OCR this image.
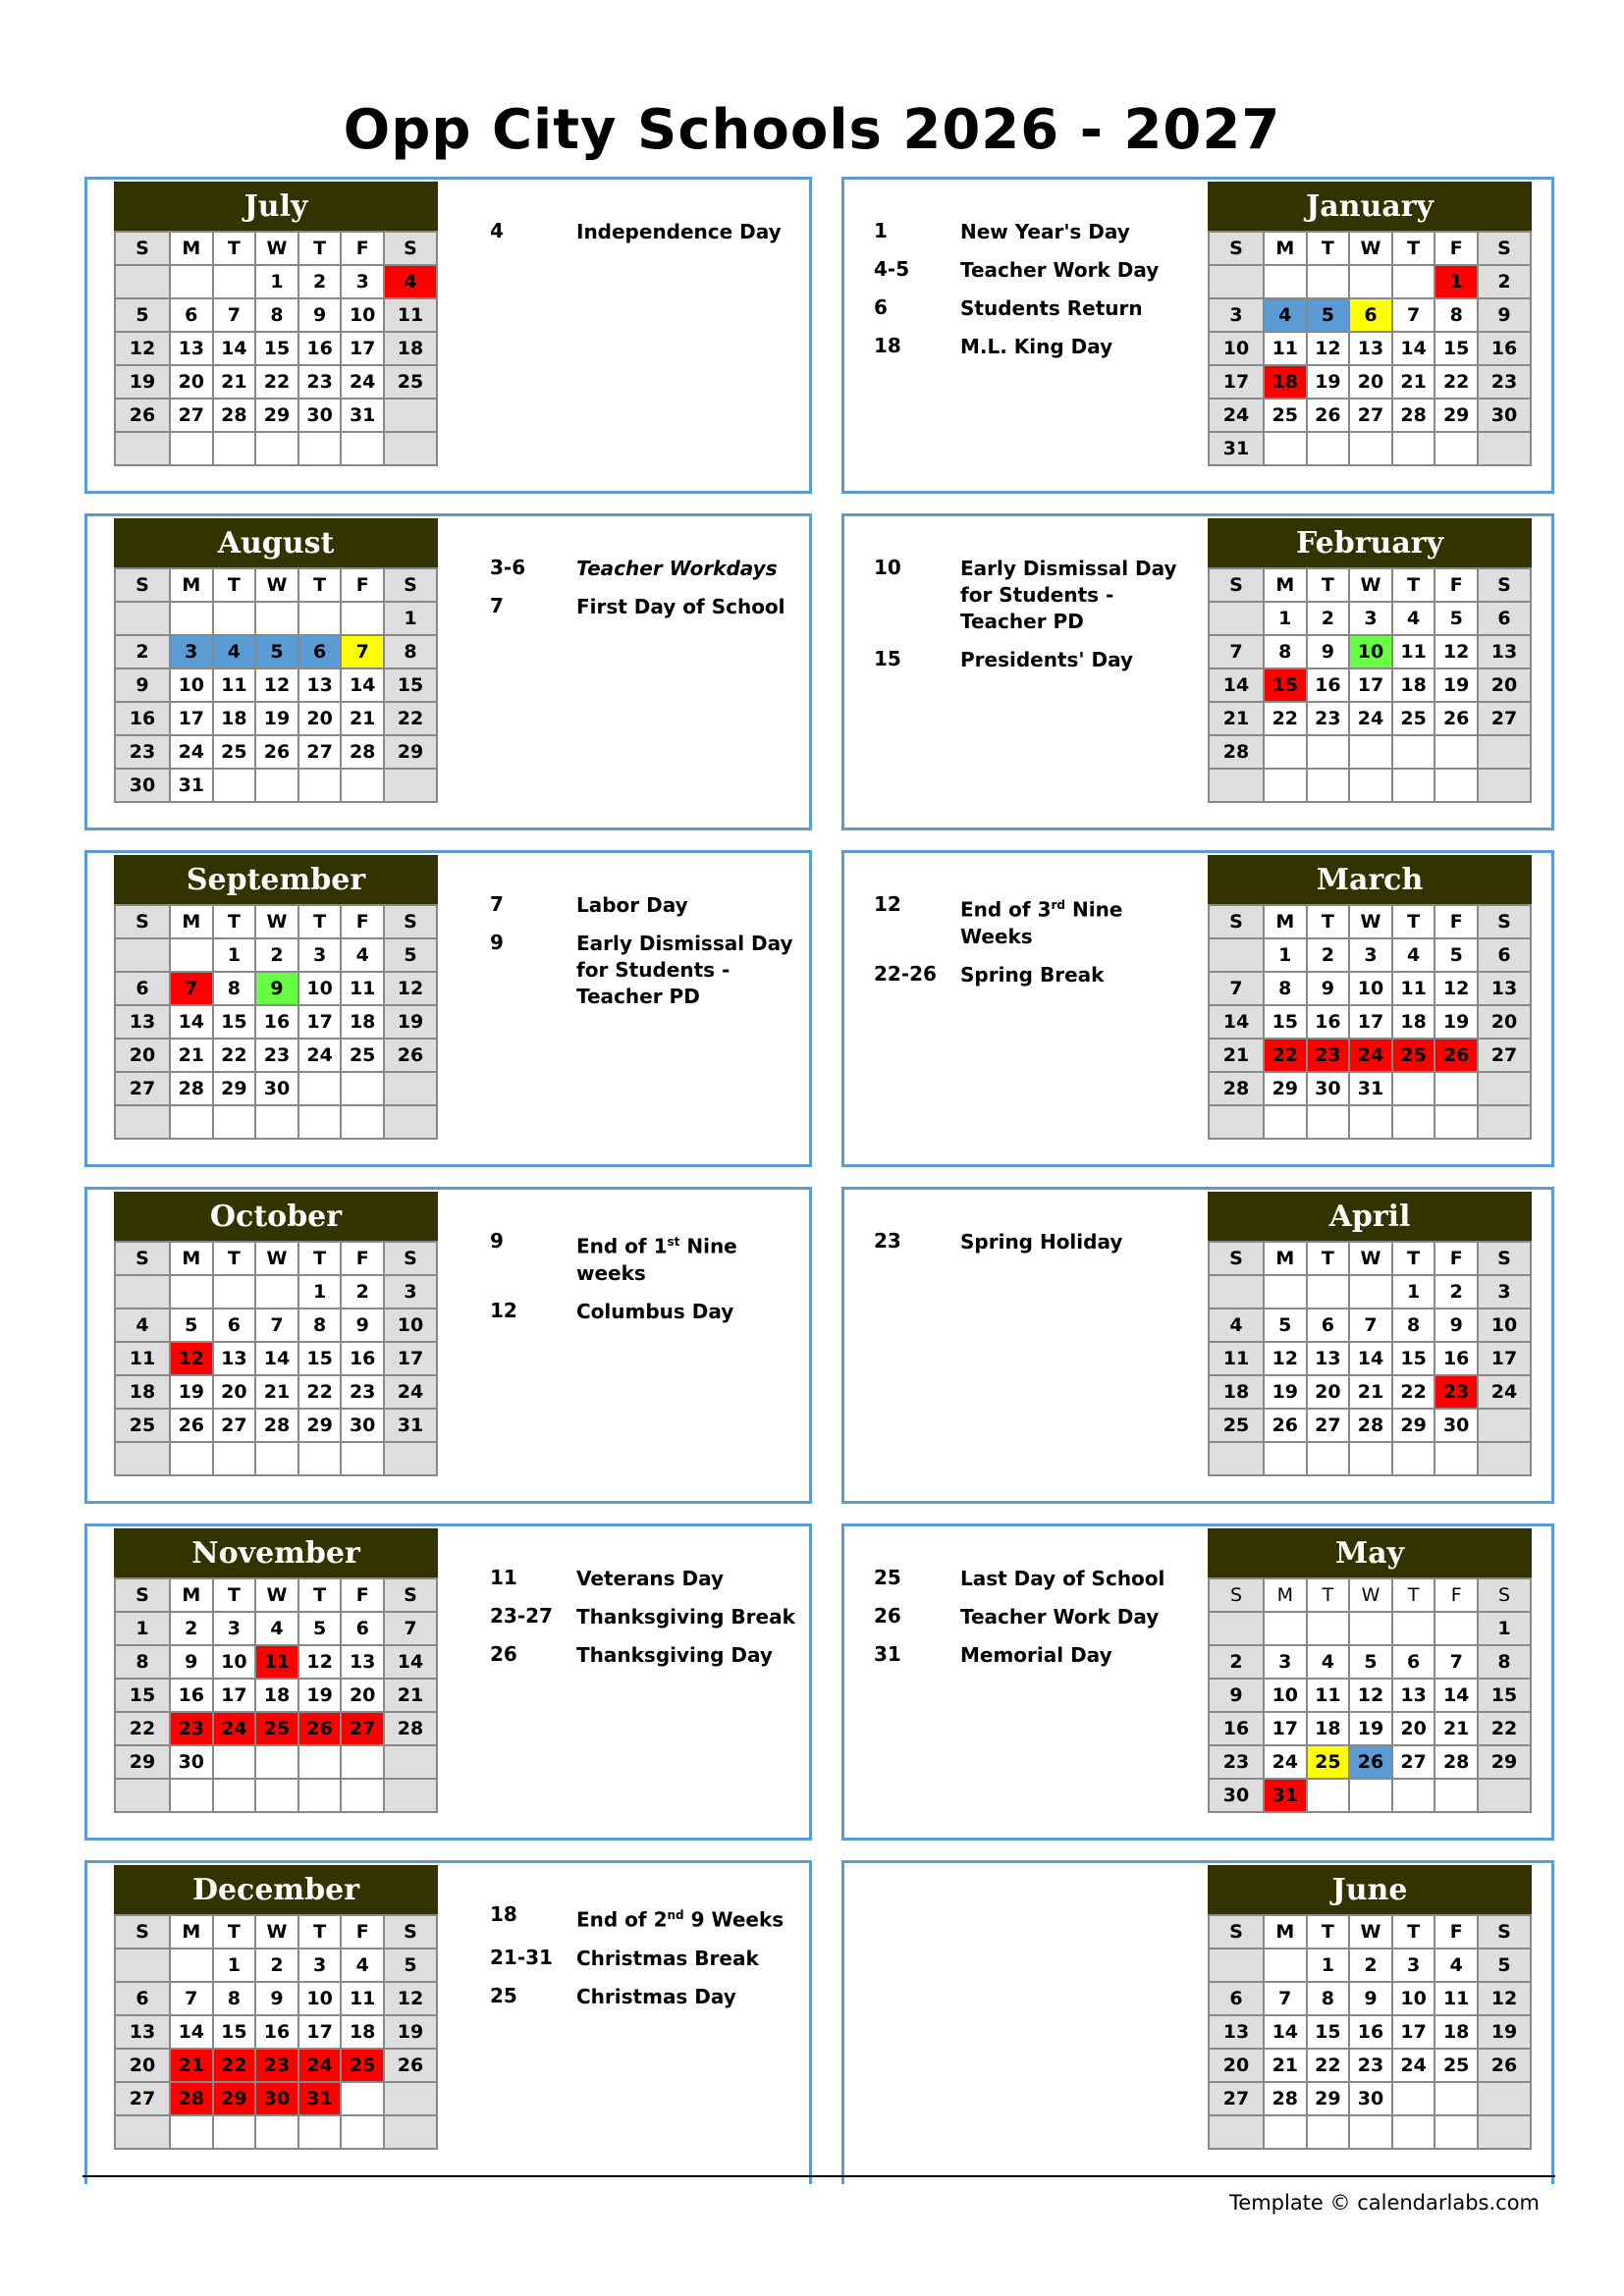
Opp City Schools 2026 - 2027
July
S	M	T	W	T	F	S
			1	2	3	4
5	6	7	8	9	10	11
12	13	14	15	16	17	18
19	20	21	22	23	24	25
26	27	28	29	30	31	

4	Independence Day
January
S	M	T	W	T	F	S
					1	2
3	4	5	6	7	8	9
10	11	12	13	14	15	16
17	18	19	20	21	22	23
24	25	26	27	28	29	30
31						
1	New Year's Day
4-5	Teacher Work Day
6	Students Return
18	M.L. King Day
August
S	M	T	W	T	F	S
						1
2	3	4	5	6	7	8
9	10	11	12	13	14	15
16	17	18	19	20	21	22
23	24	25	26	27	28	29
30	31					
3-6	Teacher Workdays
7	First Day of School
February
S	M	T	W	T	F	S
	1	2	3	4	5	6
7	8	9	10	11	12	13
14	15	16	17	18	19	20
21	22	23	24	25	26	27
28						

10	Early Dismissal Day for Students - Teacher PD
15	Presidents' Day
September
S	M	T	W	T	F	S
		1	2	3	4	5
6	7	8	9	10	11	12
13	14	15	16	17	18	19
20	21	22	23	24	25	26
27	28	29	30			

7	Labor Day
9	Early Dismissal Day for Students - Teacher PD
March
S	M	T	W	T	F	S
	1	2	3	4	5	6
7	8	9	10	11	12	13
14	15	16	17	18	19	20
21	22	23	24	25	26	27
28	29	30	31			

12	End of 3rd Nine Weeks
22-26 Spring Break
October
S	M	T	W	T	F	S
				1	2	3
4	5	6	7	8	9	10
11	12	13	14	15	16	17
18	19	20	21	22	23	24
25	26	27	28	29	30	31

9	End of 1st Nine weeks
12	Columbus Day
April
S	M	T	W	T	F	S
				1	2	3
4	5	6	7	8	9	10
11	12	13	14	15	16	17
18	19	20	21	22	23	24
25	26	27	28	29	30	

23	Spring Holiday
November
S	M	T	W	T	F	S
1	2	3	4	5	6	7
8	9	10	11	12	13	14
15	16	17	18	19	20	21
22	23	24	25	26	27	28
29	30					

11	Veterans Day
23-27 Thanksgiving Break
26	Thanksgiving Day
May
S	M	T	W	T	F	S
						1
2	3	4	5	6	7	8
9	10	11	12	13	14	15
16	17	18	19	20	21	22
23	24	25	26	27	28	29
30	31					
25	Last Day of School
26	Teacher Work Day
31	Memorial Day
December
S	M	T	W	T	F	S
		1	2	3	4	5
6	7	8	9	10	11	12
13	14	15	16	17	18	19
20	21	22	23	24	25	26
27	28	29	30	31		

18	End of 2nd 9 Weeks
21-31 Christmas Break
25	Christmas Day
June
S	M	T	W	T	F	S
		1	2	3	4	5
6	7	8	9	10	11	12
13	14	15	16	17	18	19
20	21	22	23	24	25	26
27	28	29	30			

Template © calendarlabs.com
